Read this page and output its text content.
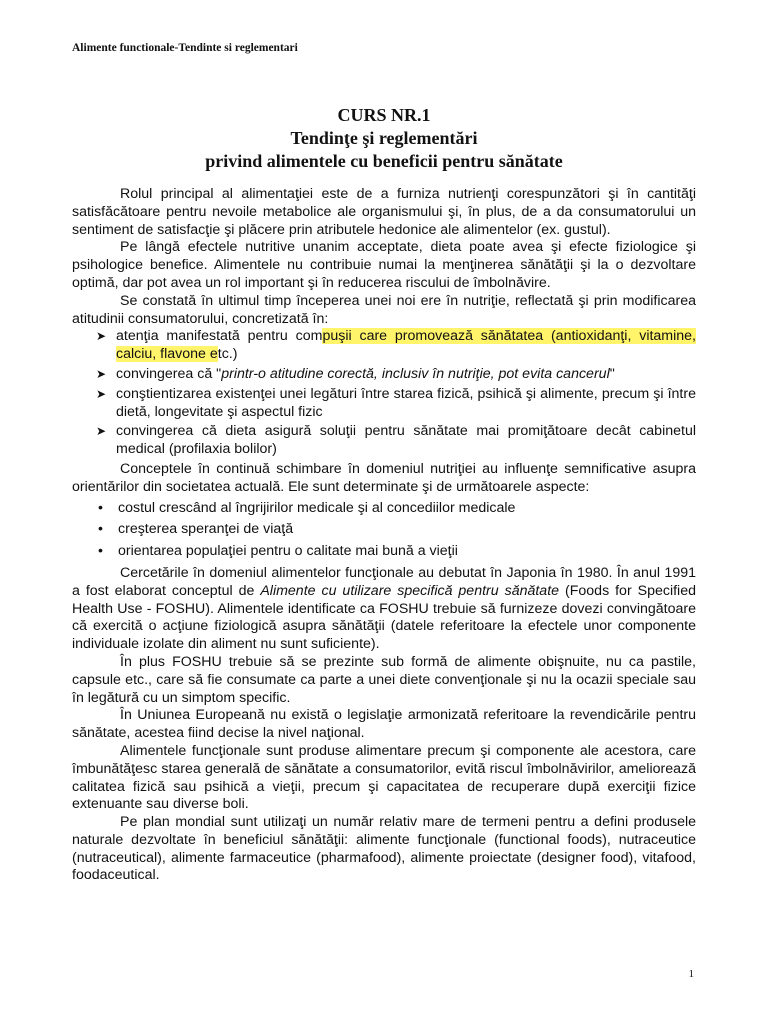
Alimente functionale-Tendinte si reglementari
CURS NR.1
Tendinţe şi reglementări
privind alimentele cu beneficii pentru sănătate

Rolul principal al alimentaţiei este de a furniza nutrienţi corespunzători şi în cantităţi satisfăcătoare pentru nevoile metabolice ale organismului şi, în plus, de a da consumatorului un sentiment de satisfacţie şi plăcere prin atributele hedonice ale alimentelor (ex. gustul).

Pe lângă efectele nutritive unanim acceptate, dieta poate avea şi efecte fiziologice şi psihologice benefice. Alimentele nu contribuie numai la menţinerea sănătăţii şi la o dezvoltare optimă, dar pot avea un rol important şi în reducerea riscului de îmbolnăvire.

Se constată în ultimul timp începerea unei noi ere în nutriţie, reflectată şi prin modificarea atitudinii consumatorului, concretizată în:

➤ atenţia manifestată pentru compuşii care promovează sănătatea (antioxidanţi, vitamine, calciu, flavone etc.)
➤ convingerea că "printr-o atitudine corectă, inclusiv în nutriţie, pot evita cancerul"
➤ conştientizarea existenţei unei legături între starea fizică, psihică şi alimente, precum şi între dietă, longevitate şi aspectul fizic
➤ convingerea că dieta asigură soluţii pentru sănătate mai promiţătoare decât cabinetul medical (profilaxia bolilor)

Conceptele în continuă schimbare în domeniul nutriţiei au influenţe semnificative asupra orientărilor din societatea actuală. Ele sunt determinate şi de următoarele aspecte:

• costul crescând al îngrijirilor medicale şi al concediilor medicale
• creşterea speranţei de viaţă
• orientarea populaţiei pentru o calitate mai bună a vieţii

Cercetările în domeniul alimentelor funcţionale au debutat în Japonia în 1980. În anul 1991 a fost elaborat conceptul de Alimente cu utilizare specifică pentru sănătate (Foods for Specified Health Use - FOSHU). Alimentele identificate ca FOSHU trebuie să furnizeze dovezi convingătoare că exercită o acţiune fiziologică asupra sănătăţii (datele referitoare la efectele unor componente individuale izolate din aliment nu sunt suficiente).

În plus FOSHU trebuie să se prezinte sub formă de alimente obişnuite, nu ca pastile, capsule etc., care să fie consumate ca parte a unei diete convenţionale şi nu la ocazii speciale sau în legătură cu un simptom specific.

În Uniunea Europeană nu există o legislaţie armonizată referitoare la revendicările pentru sănătate, acestea fiind decise la nivel naţional.

Alimentele funcţionale sunt produse alimentare precum şi componente ale acestora, care îmbunătăţesc starea generală de sănătate a consumatorilor, evită riscul îmbolnăvirilor, ameliorează calitatea fizică sau psihică a vieţii, precum şi capacitatea de recuperare după exerciţii fizice extenuante sau diverse boli.

Pe plan mondial sunt utilizaţi un număr relativ mare de termeni pentru a defini produsele naturale dezvoltate în beneficiul sănătăţii: alimente funcţionale (functional foods), nutraceutice (nutraceutical), alimente farmaceutice (pharmafood), alimente proiectate (designer food), vitafood, foodaceutical.

1
